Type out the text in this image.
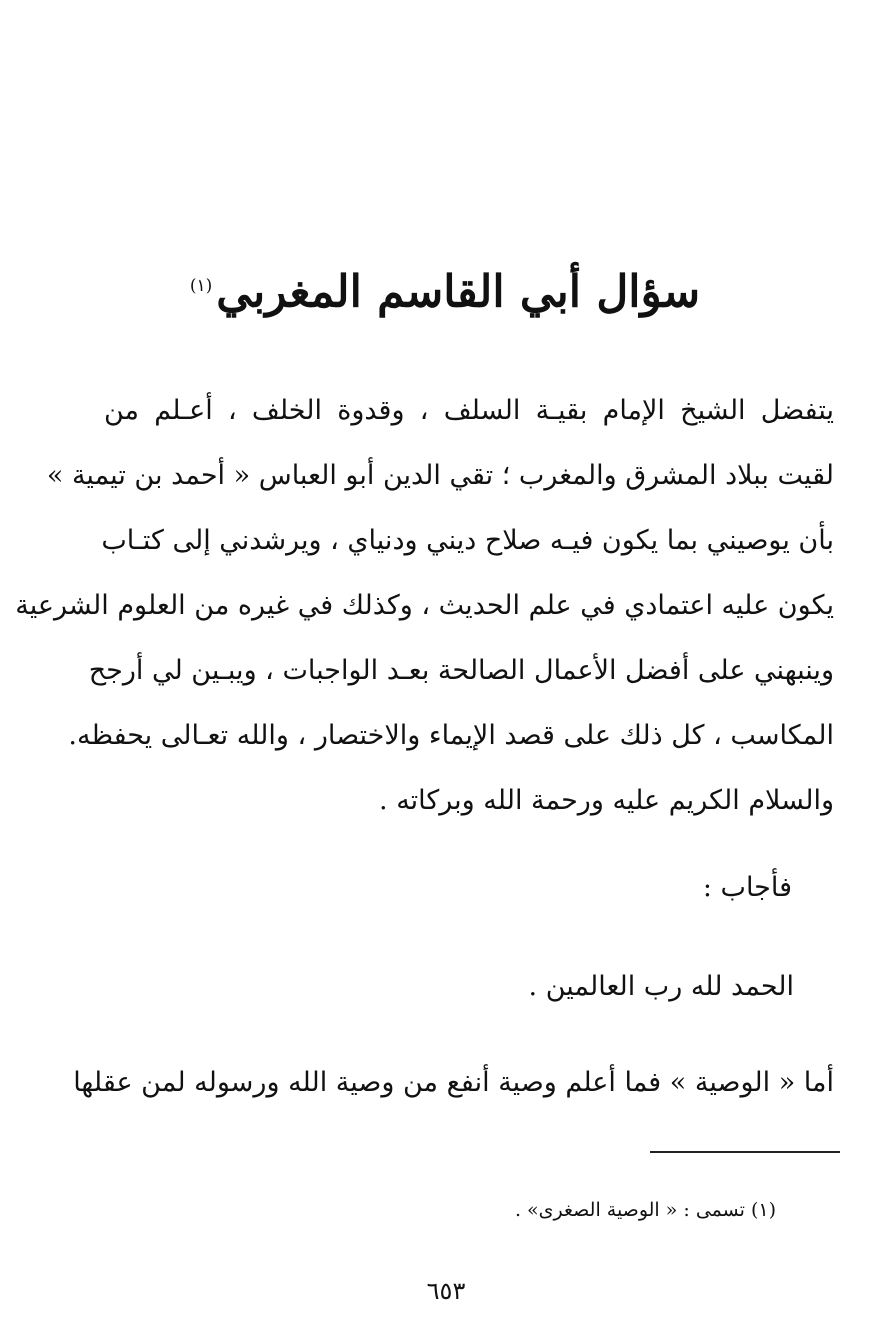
سؤال أبي القاسم المغربي$^{(١)}$
يتفضل الشيخ الإمام بقيـة السلف ، وقدوة الخلف ، أعـلم من
لقيت ببلاد المشرق والمغرب ؛ تقي الدين أبو العباس « أحمد بن تيمية »
بأن يوصيني بما يكون فيـه صلاح ديني ودنياي ، ويرشدني إلى كتـاب
يكون عليه اعتمادي في علم الحديث ، وكذلك في غيره من العلوم الشرعية
وينبهني على أفضل الأعمال الصالحة بعـد الواجبات ، ويبـين لي أرجح
المكاسب ، كل ذلك على قصد الإيماء والاختصار ، والله تعـالى يحفظه.
والسلام الكريم عليه ورحمة الله وبركاته .

فأجاب :

الحمد لله رب العالمين .

أما « الوصية » فما أعلم وصية أنفع من وصية الله ورسوله لمن عقلها

(١) تسمى : « الوصية الصغرى» .

٦٥٣
